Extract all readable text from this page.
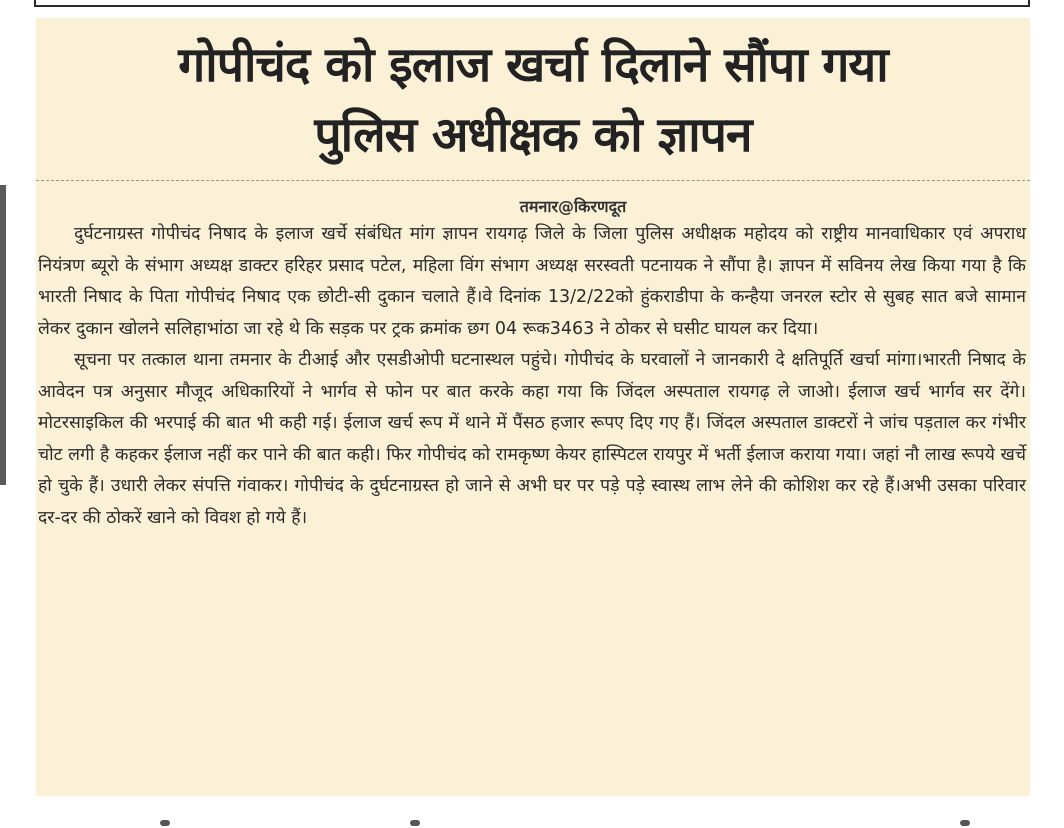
गोपीचंद को इलाज खर्चा दिलाने सौंपा गया
पुलिस अधीक्षक को ज्ञापन
तमनार@किरणदूत

दुर्घटनाग्रस्त गोपीचंद निषाद के इलाज खर्चे संबंधित मांग ज्ञापन रायगढ़ जिले के जिला पुलिस अधीक्षक महोदय को राष्ट्रीय मानवाधिकार एवं अपराध नियंत्रण ब्यूरो के संभाग अध्यक्ष डाक्टर हरिहर प्रसाद पटेल, महिला विंग संभाग अध्यक्ष सरस्वती पटनायक ने सौंपा है। ज्ञापन में सविनय लेख किया गया है कि भारती निषाद के पिता गोपीचंद निषाद एक छोटी-सी दुकान चलाते हैं।वे दिनांक 13/2/22को हुंकराडीपा के कन्हैया जनरल स्टोर से सुबह सात बजे सामान लेकर दुकान खोलने सलिहाभांठा जा रहे थे कि सड़क पर ट्रक क्रमांक छग 04 रूक3463 ने ठोकर से घसीट घायल कर दिया।

सूचना पर तत्काल थाना तमनार के टीआई और एसडीओपी घटनास्थल पहुंचे। गोपीचंद के घरवालों ने जानकारी दे क्षतिपूर्ति खर्चा मांगा।भारती निषाद के आवेदन पत्र अनुसार मौजूद अधिकारियों ने भार्गव से फोन पर बात करके कहा गया कि जिंदल अस्पताल रायगढ़ ले जाओ। ईलाज खर्च भार्गव सर देंगे। मोटरसाइकिल की भरपाई की बात भी कही गई। ईलाज खर्च रूप में थाने में पैंसठ हजार रूपए दिए गए हैं। जिंदल अस्पताल डाक्टरों ने जांच पड़ताल कर गंभीर चोट लगी है कहकर ईलाज नहीं कर पाने की बात कही। फिर गोपीचंद को रामकृष्ण केयर हास्पिटल रायपुर में भर्ती ईलाज कराया गया। जहां नौ लाख रूपये खर्चे हो चुके हैं। उधारी लेकर संपत्ति गंवाकर। गोपीचंद के दुर्घटनाग्रस्त हो जाने से अभी घर पर पड़े पड़े स्वास्थ लाभ लेने की कोशिश कर रहे हैं।अभी उसका परिवार दर-दर की ठोकरें खाने को विवश हो गये हैं।
